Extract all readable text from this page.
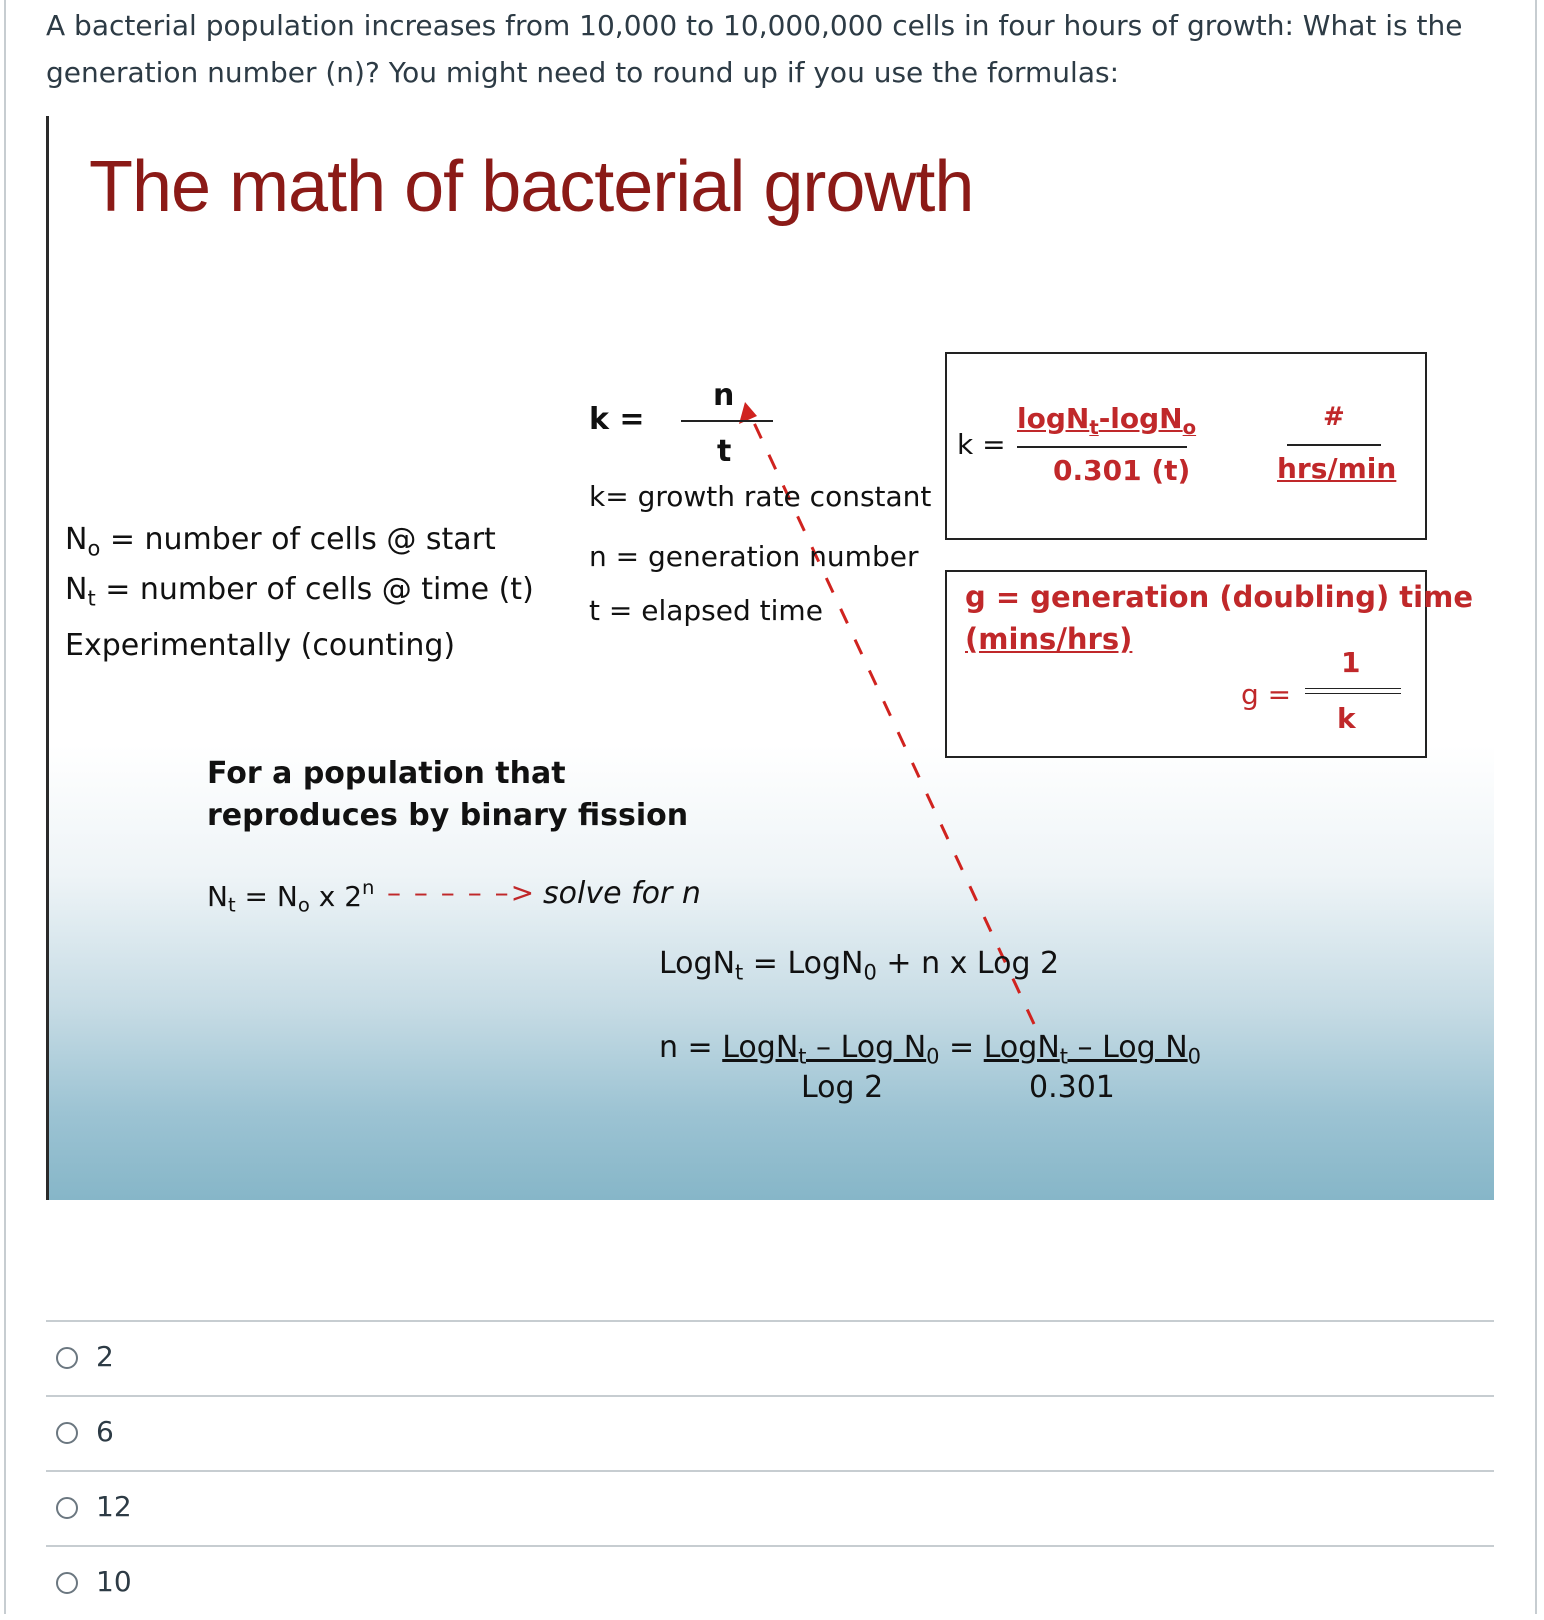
A bacterial population increases from 10,000 to 10,000,000 cells in four hours of growth: What is the generation number (n)? You might need to round up if you use the formulas:
The math of bacterial growth
k =
n
t
k= growth rate constant
n = generation number
t = elapsed time
$N_o$ = number of cells @ start
$N_t$ = number of cells @ time (t)
Experimentally (counting)
k =
logN$_t$-logN$_o$
0.301 (t)
#
hrs/min
g = generation (doubling) time
(mins/hrs)
g =
1
k
For a population that
reproduces by binary fission
$N_t = N_o$ x 2$^n$ – – – – –> solve for n
LogN$_t$ = LogN$_0$ + n x Log 2
n = LogN$_t$ – Log $N_0$ = LogN$_t$ – Log $N_0$
Log 2	0.301
2
6
12
10
